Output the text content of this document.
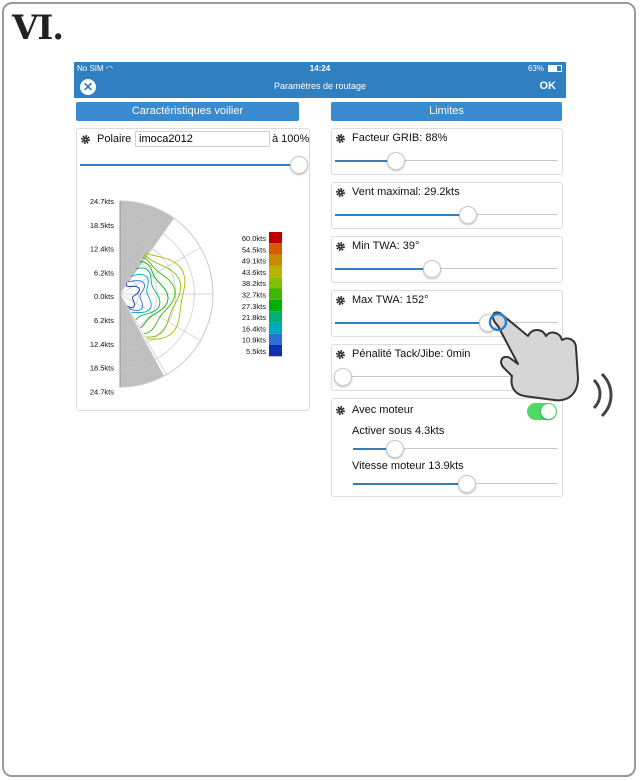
VI.
No SIM ◠	14:24	63%
✕	Paramètres de routage	OK
Caractéristiques voilier
Polaire imoca2012	à 100%
24.7kts
18.5kts
12.4kts
6.2kts
0.0kts
6.2kts
12.4kts
18.5kts
24.7kts
60.0kts
54.5kts
49.1kts
43.6kts
38.2kts
32.7kts
27.3kts
21.8kts
16.4kts
10.9kts
5.5kts
Limites
Facteur GRIB: 88%
Vent maximal: 29.2kts
Min TWA: 39°
Max TWA: 152°
Pénalité Tack/Jibe: 0min
Avec moteur
Activer sous 4.3kts
Vitesse moteur 13.9kts
